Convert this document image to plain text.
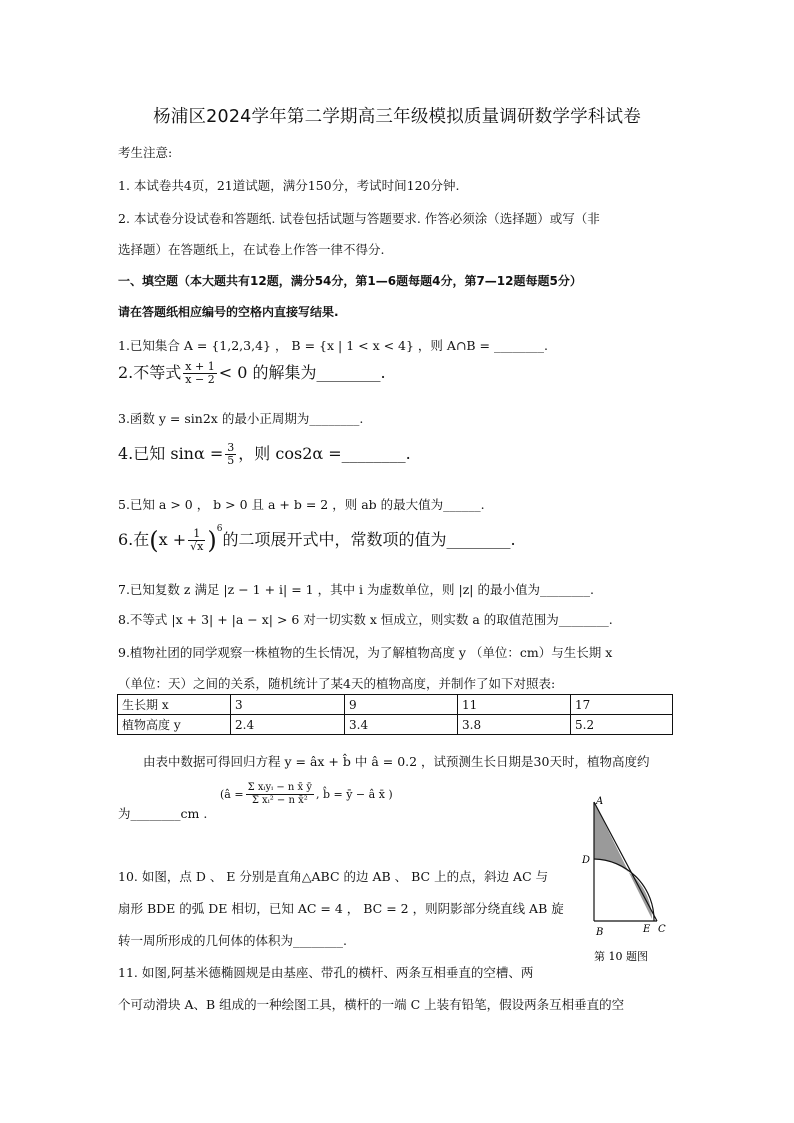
杨浦区2024学年第二学期高三年级模拟质量调研数学学科试卷
考生注意:
1. 本试卷共4页，21道试题，满分150分，考试时间120分钟.
2. 本试卷分设试卷和答题纸. 试卷包括试题与答题要求. 作答必须涂（选择题）或写（非
选择题）在答题纸上，在试卷上作答一律不得分.
一、填空题（本大题共有12题，满分54分，第1—6题每题4分，第7—12题每题5分）
请在答题纸相应编号的空格内直接写结果.
1.已知集合 A = {1,2,3,4} ， B = {x | 1 < x < 4} ，则 A∩B = ________.
2.不等式 $\frac{x + 1}{x - 2} < 0$ 的解集为________.
3.函数 y = sin2x 的最小正周期为________.
4.已知 $\sin\alpha = \frac{3}{5}$ ，则 cos2α =________.
5.已知 a > 0 ， b > 0 且 a + b = 2 ，则 ab 的最大值为______.
6.在$(x + \frac{1}{√x} )^6$的二项展开式中，常数项的值为________.
7.已知复数 z 满足 |z − 1 + i| = 1 ，其中 i 为虚数单位，则 |z| 的最小值为________.
8.不等式 |x + 3| + |a − x| > 6 对一切实数 x 恒成立，则实数 a 的取值范围为________.
9.植物社团的同学观察一株植物的生长情况，为了解植物高度 y （单位：cm）与生长期 x
（单位：天）之间的关系，随机统计了某4天的植物高度，并制作了如下对照表:
生长期 x	3	9	11	17
植物高度 y	2.4	3.4	3.8	5.2
由表中数据可得回归方程 y = âx + b̂ 中 â = 0.2 ，试预测生长日期是30天时，植物高度约
为________cm .
(â = $\frac{\text{Σ xᵢyᵢ − n x̄ ȳ}}{\text{Σ xᵢ² − n x̄²}}$ , b̂ = ȳ − â x̄ )
10. 如图，点 D 、 E 分别是直角△ABC 的边 AB 、 BC 上的点，斜边 AC 与
扇形 BDE 的弧 DE 相切，已知 AC = 4 ， BC = 2 ，则阴影部分绕直线 AB 旋
转一周所形成的几何体的体积为________.
A
D
B	E C
第 10 题图
11. 如图,阿基米德椭圆规是由基座、带孔的横杆、两条互相垂直的空槽、两
个可动滑块 A、B 组成的一种绘图工具，横杆的一端 C 上装有铅笔，假设两条互相垂直的空
